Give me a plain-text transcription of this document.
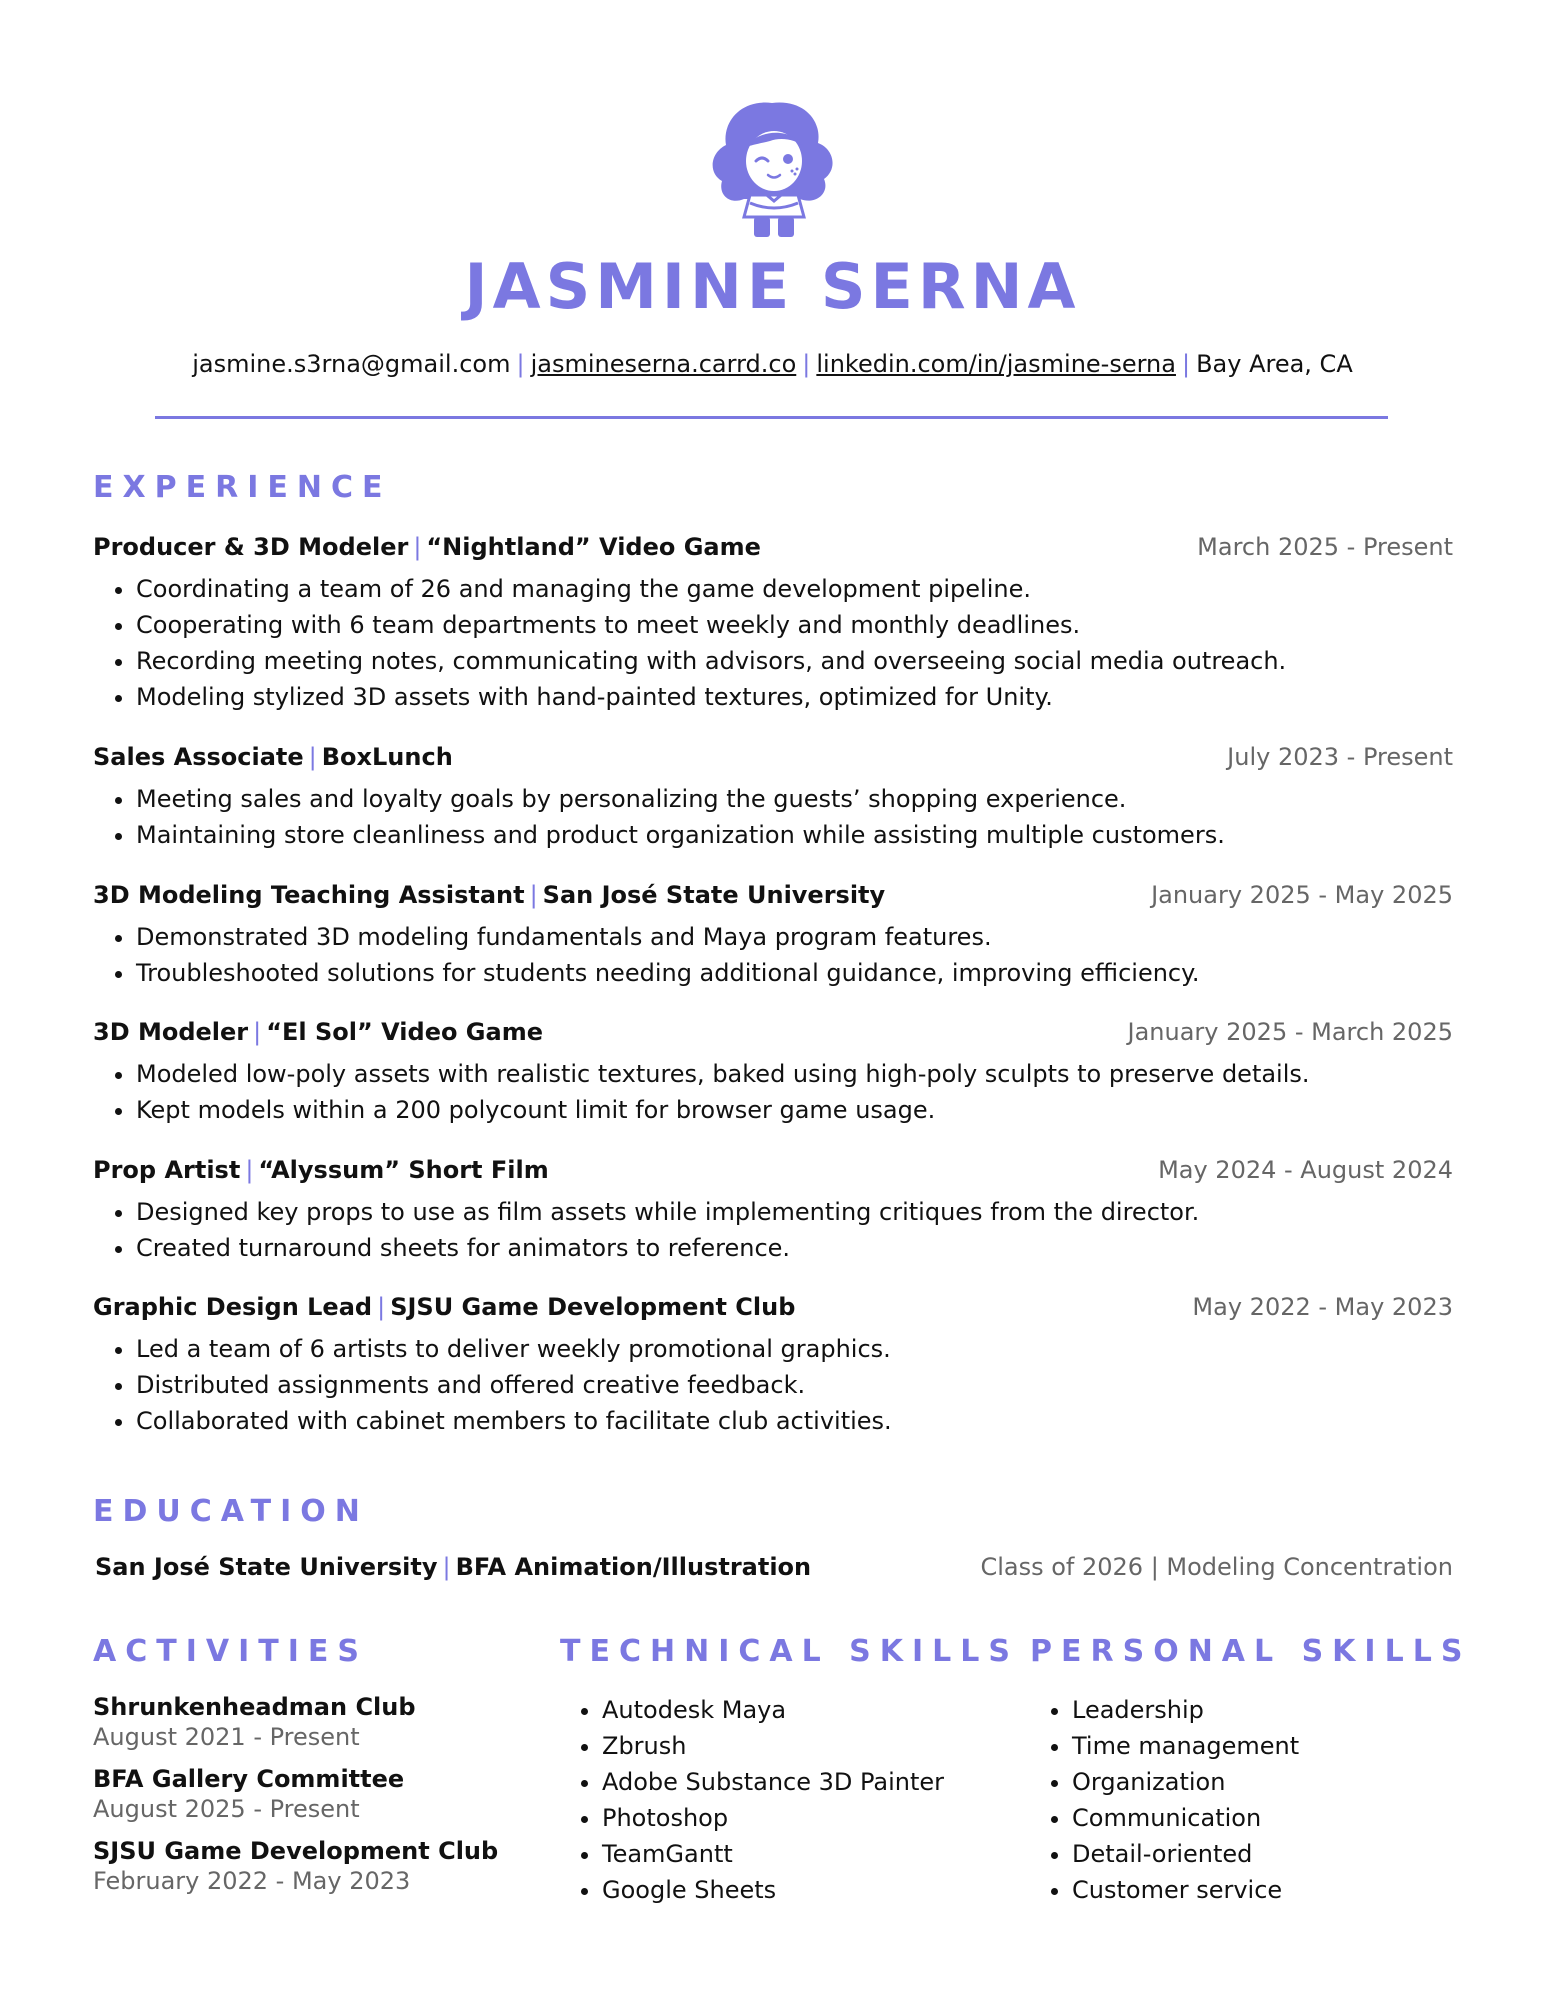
JASMINE SERNA
jasmine.s3rna@gmail.com | jasmineserna.carrd.co | linkedin.com/in/jasmine-serna | Bay Area, CA
EXPERIENCE
Producer & 3D Modeler | “Nightland” Video Game	March 2025 - Present
• Coordinating a team of 26 and managing the game development pipeline.
• Cooperating with 6 team departments to meet weekly and monthly deadlines.
• Recording meeting notes, communicating with advisors, and overseeing social media outreach.
• Modeling stylized 3D assets with hand-painted textures, optimized for Unity.
Sales Associate | BoxLunch	July 2023 - Present
• Meeting sales and loyalty goals by personalizing the guests’ shopping experience.
• Maintaining store cleanliness and product organization while assisting multiple customers.
3D Modeling Teaching Assistant | San José State University	January 2025 - May 2025
• Demonstrated 3D modeling fundamentals and Maya program features.
• Troubleshooted solutions for students needing additional guidance, improving efficiency.
3D Modeler | “El Sol” Video Game	January 2025 - March 2025
• Modeled low-poly assets with realistic textures, baked using high-poly sculpts to preserve details.
• Kept models within a 200 polycount limit for browser game usage.
Prop Artist | “Alyssum” Short Film	May 2024 - August 2024
• Designed key props to use as film assets while implementing critiques from the director.
• Created turnaround sheets for animators to reference.
Graphic Design Lead | SJSU Game Development Club	May 2022 - May 2023
• Led a team of 6 artists to deliver weekly promotional graphics.
• Distributed assignments and offered creative feedback.
• Collaborated with cabinet members to facilitate club activities.
EDUCATION
San José State University | BFA Animation/Illustration	Class of 2026 | Modeling Concentration
ACTIVITIES
Shrunkenheadman Club
August 2021 - Present
BFA Gallery Committee
August 2025 - Present
SJSU Game Development Club
February 2022 - May 2023
TECHNICAL SKILLS
• Autodesk Maya
• Zbrush
• Adobe Substance 3D Painter
• Photoshop
• TeamGantt
• Google Sheets
PERSONAL SKILLS
• Leadership
• Time management
• Organization
• Communication
• Detail-oriented
• Customer service
